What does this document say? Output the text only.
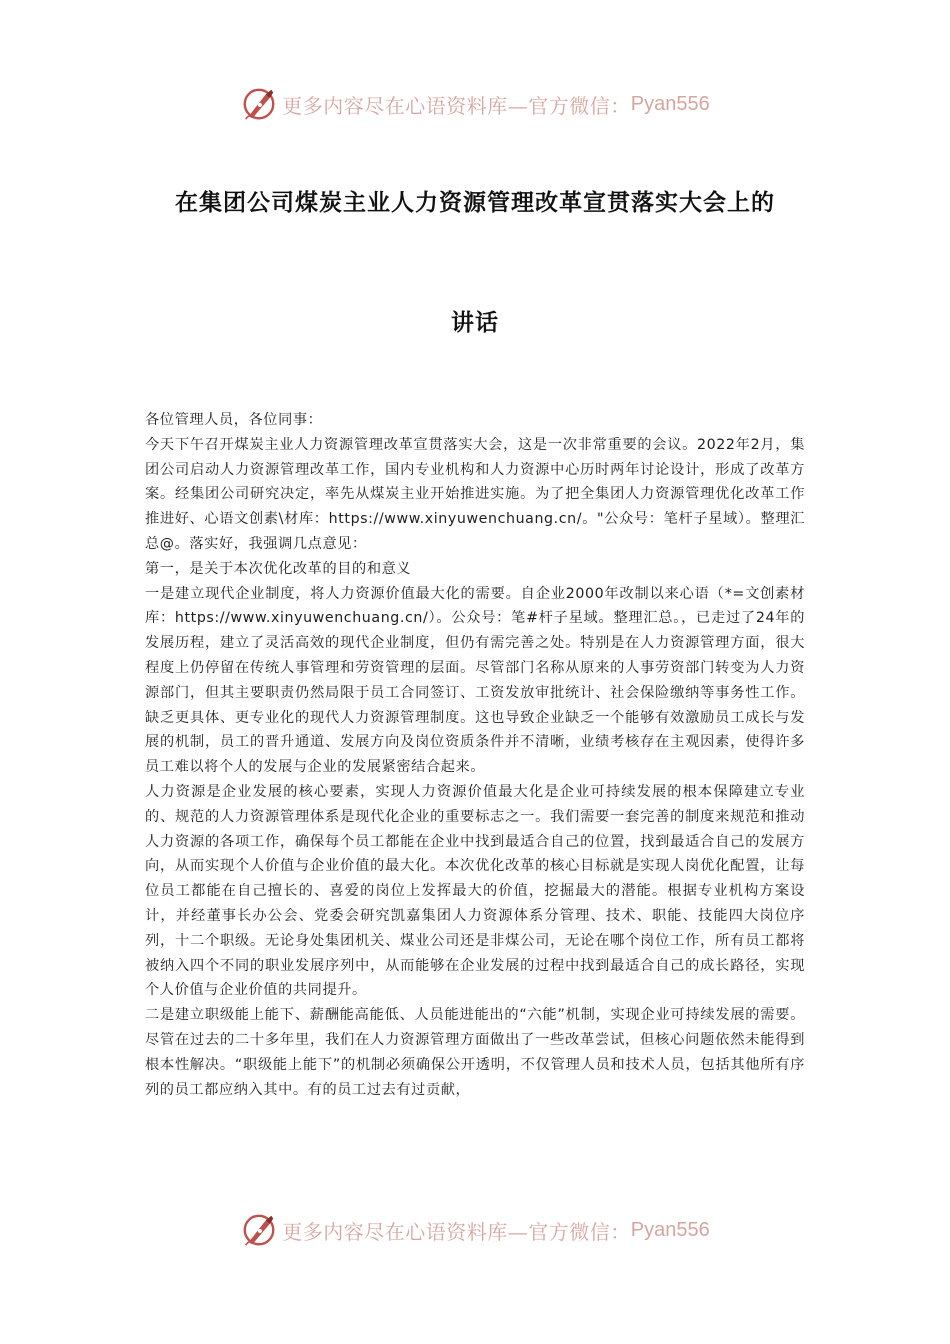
更多内容尽在心语资料库—官方微信： Pyan556
在集团公司煤炭主业人力资源管理改革宣贯落实大会上的
讲话

各位管理人员，各位同事：

今天下午召开煤炭主业人力资源管理改革宣贯落实大会，这是一次非常重要的会议。2022年2月，集团公司启动人力资源管理改革工作，国内专业机构和人力资源中心历时两年讨论设计，形成了改革方案。经集团公司研究决定，率先从煤炭主业开始推进实施。为了把全集团人力资源管理优化改革工作推进好、心语文创素\材库：https://www.xinyuwenchuang.cn/。"公众号：笔杆子星域）。整理汇总@。落实好，我强调几点意见：

第一，是关于本次优化改革的目的和意义

一是建立现代企业制度，将人力资源价值最大化的需要。自企业2000年改制以来心语（*=文创素材库：https://www.xinyuwenchuang.cn/）。公众号：笔#杆子星域。整理汇总。，已走过了24年的发展历程，建立了灵活高效的现代企业制度，但仍有需完善之处。特别是在人力资源管理方面，很大程度上仍停留在传统人事管理和劳资管理的层面。尽管部门名称从原来的人事劳资部门转变为人力资源部门，但其主要职责仍然局限于员工合同签订、工资发放审批统计、社会保险缴纳等事务性工作。缺乏更具体、更专业化的现代人力资源管理制度。这也导致企业缺乏一个能够有效激励员工成长与发展的机制，员工的晋升通道、发展方向及岗位资质条件并不清晰，业绩考核存在主观因素，使得许多员工难以将个人的发展与企业的发展紧密结合起来。

人力资源是企业发展的核心要素，实现人力资源价值最大化是企业可持续发展的根本保障建立专业的、规范的人力资源管理体系是现代化企业的重要标志之一。我们需要一套完善的制度来规范和推动人力资源的各项工作，确保每个员工都能在企业中找到最适合自己的位置，找到最适合自己的发展方向，从而实现个人价值与企业价值的最大化。本次优化改革的核心目标就是实现人岗优化配置，让每位员工都能在自己擅长的、喜爱的岗位上发挥最大的价值，挖掘最大的潜能。根据专业机构方案设计，并经董事长办公会、党委会研究凯嘉集团人力资源体系分管理、技术、职能、技能四大岗位序列，十二个职级。无论身处集团机关、煤业公司还是非煤公司，无论在哪个岗位工作，所有员工都将被纳入四个不同的职业发展序列中，从而能够在企业发展的过程中找到最适合自己的成长路径，实现个人价值与企业价值的共同提升。

二是建立职级能上能下、薪酬能高能低、人员能进能出的“六能”机制，实现企业可持续发展的需要。尽管在过去的二十多年里，我们在人力资源管理方面做出了一些改革尝试，但核心问题依然未能得到根本性解决。“职级能上能下”的机制必须确保公开透明，不仅管理人员和技术人员，包括其他所有序列的员工都应纳入其中。有的员工过去有过贡献，

更多内容尽在心语资料库—官方微信： Pyan556
